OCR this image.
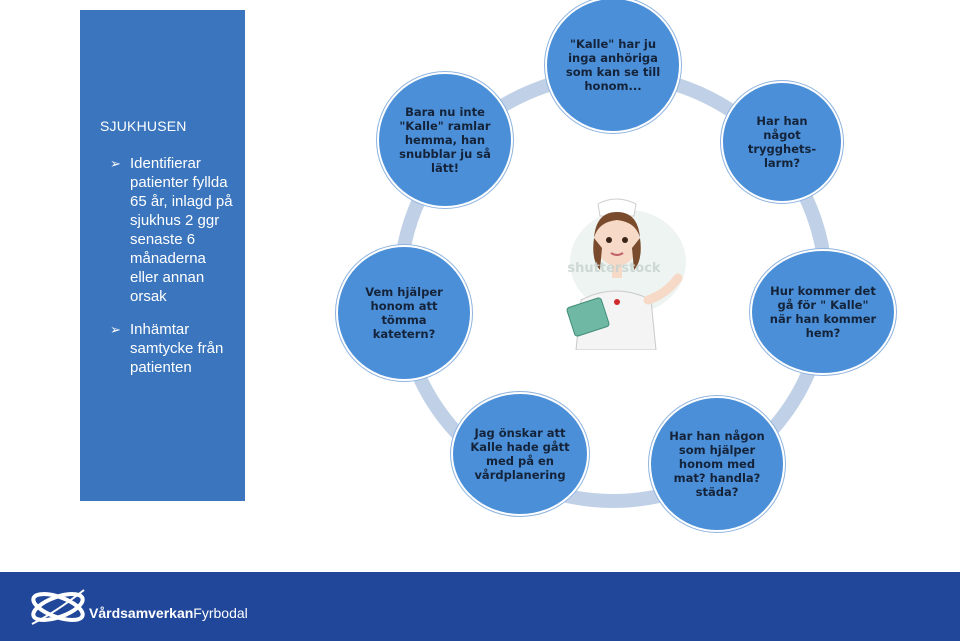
SJUKHUSEN
➢ Identifierar patienter fyllda 65 år, inlagd på sjukhus 2 ggr senaste 6 månaderna eller annan orsak
➢ Inhämtar samtycke från patienten
shutterstock
"Kalle" har ju inga anhöriga som kan se till honom...
Har han något trygghets-larm?
Hur kommer det gå för " Kalle" när han kommer hem?
Har han någon som hjälper honom med mat? handla? städa?
Jag önskar att Kalle hade gått med på en vårdplanering
Vem hjälper honom att tömma katetern?
Bara nu inte "Kalle" ramlar hemma, han snubblar ju så lätt!
VårdsamverkanFyrbodal
